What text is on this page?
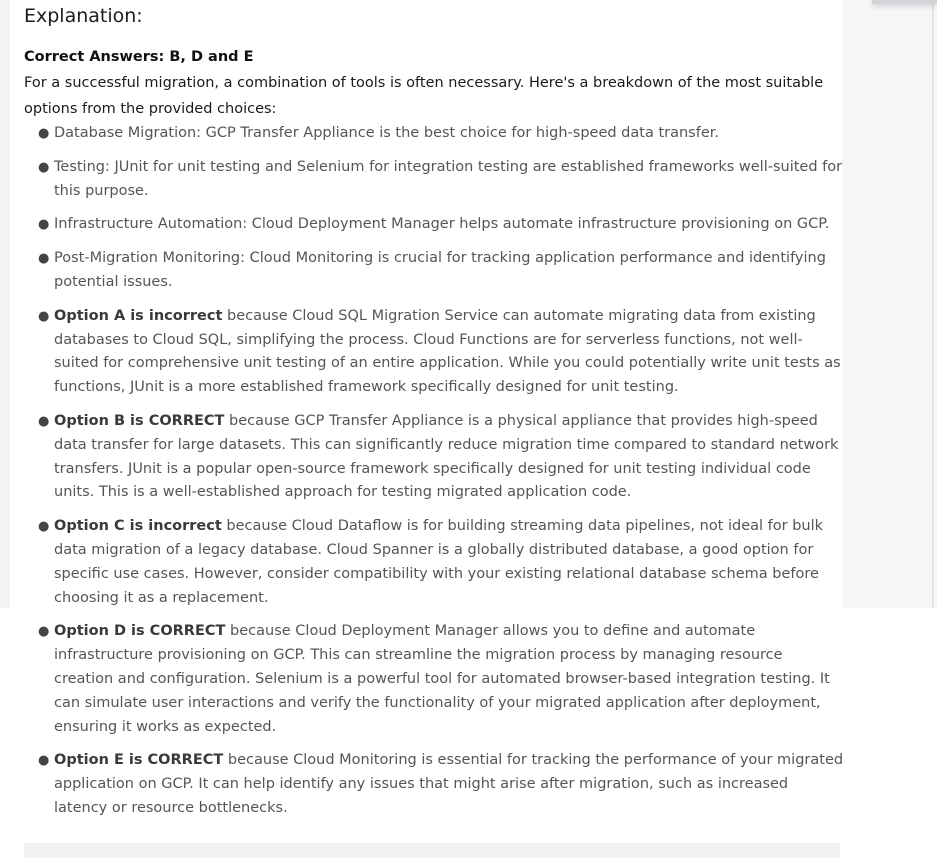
Explanation:
Correct Answers: B, D and E

For a successful migration, a combination of tools is often necessary. Here's a breakdown of the most suitable options from the provided choices:

● Database Migration: GCP Transfer Appliance is the best choice for high-speed data transfer.
● Testing: JUnit for unit testing and Selenium for integration testing are established frameworks well-suited for this purpose.
● Infrastructure Automation: Cloud Deployment Manager helps automate infrastructure provisioning on GCP.
● Post-Migration Monitoring: Cloud Monitoring is crucial for tracking application performance and identifying potential issues.
● Option A is incorrect because Cloud SQL Migration Service can automate migrating data from existing databases to Cloud SQL, simplifying the process. Cloud Functions are for serverless functions, not well-suited for comprehensive unit testing of an entire application. While you could potentially write unit tests as functions, JUnit is a more established framework specifically designed for unit testing.
● Option B is CORRECT because GCP Transfer Appliance is a physical appliance that provides high-speed data transfer for large datasets. This can significantly reduce migration time compared to standard network transfers. JUnit is a popular open-source framework specifically designed for unit testing individual code units. This is a well-established approach for testing migrated application code.
● Option C is incorrect because Cloud Dataflow is for building streaming data pipelines, not ideal for bulk data migration of a legacy database. Cloud Spanner is a globally distributed database, a good option for specific use cases. However, consider compatibility with your existing relational database schema before choosing it as a replacement.
● Option D is CORRECT because Cloud Deployment Manager allows you to define and automate infrastructure provisioning on GCP. This can streamline the migration process by managing resource creation and configuration. Selenium is a powerful tool for automated browser-based integration testing. It can simulate user interactions and verify the functionality of your migrated application after deployment, ensuring it works as expected.
● Option E is CORRECT because Cloud Monitoring is essential for tracking the performance of your migrated application on GCP. It can help identify any issues that might arise after migration, such as increased latency or resource bottlenecks.
